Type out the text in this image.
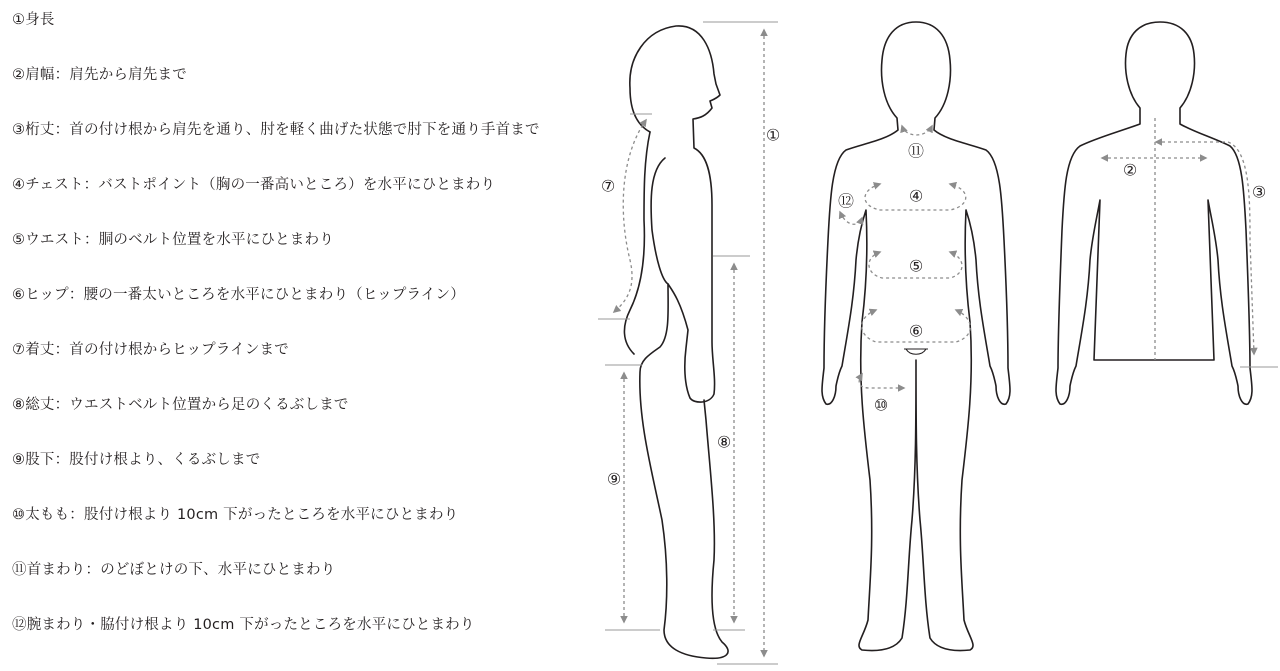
①身長
②肩幅：肩先から肩先まで
③桁丈：首の付け根から肩先を通り、肘を軽く曲げた状態で肘下を通り手首まで
④チェスト：バストポイント（胸の一番高いところ）を水平にひとまわり
⑤ウエスト：胴のベルト位置を水平にひとまわり
⑥ヒップ：腰の一番太いところを水平にひとまわり（ヒップライン）
⑦着丈：首の付け根からヒップラインまで
⑧総丈：ウエストベルト位置から足のくるぶしまで
⑨股下：股付け根より、くるぶしまで
⑩太もも：股付け根より 10cm 下がったところを水平にひとまわり
⑪首まわり：のどぼとけの下、水平にひとまわり
⑫腕まわり・脇付け根より 10cm 下がったところを水平にひとまわり
①
⑧
⑨
⑦
⑪
④
⑤
⑥
⑩
⑫
②
③
